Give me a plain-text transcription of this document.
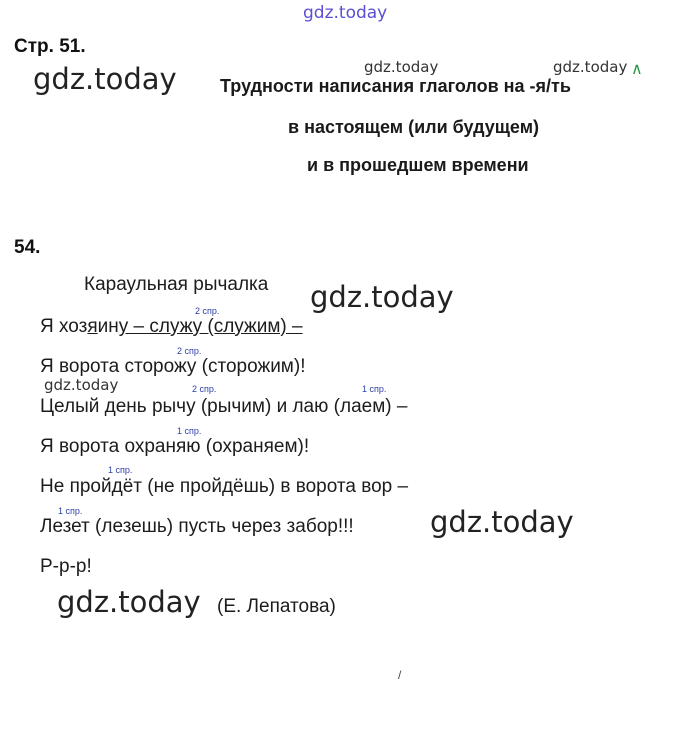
gdz.today
gdz.today	gdz.today	gdz.today ∧
gdz.today
gdz.today
gdz.today
gdz.today
Стр. 51.
Трудности написания глаголов на -я/ть
в настоящем (или будущем)
и в прошедшем времени
54.
Караульная рычалка
2 спр.
Я хозяину – служу (служим) –
2 спр.
Я ворота сторожу (сторожим)!
2 спр.	1 спр.
Целый день рычу (рычим) и лаю (лаем) –
1 спр.
Я ворота охраняю (охраняем)!
1 спр.
Не пройдёт (не пройдёшь) в ворота вор –
1 спр.
Лезет (лезешь) пусть через забор!!!
Р-р-р!
(Е. Лепатова)
/
